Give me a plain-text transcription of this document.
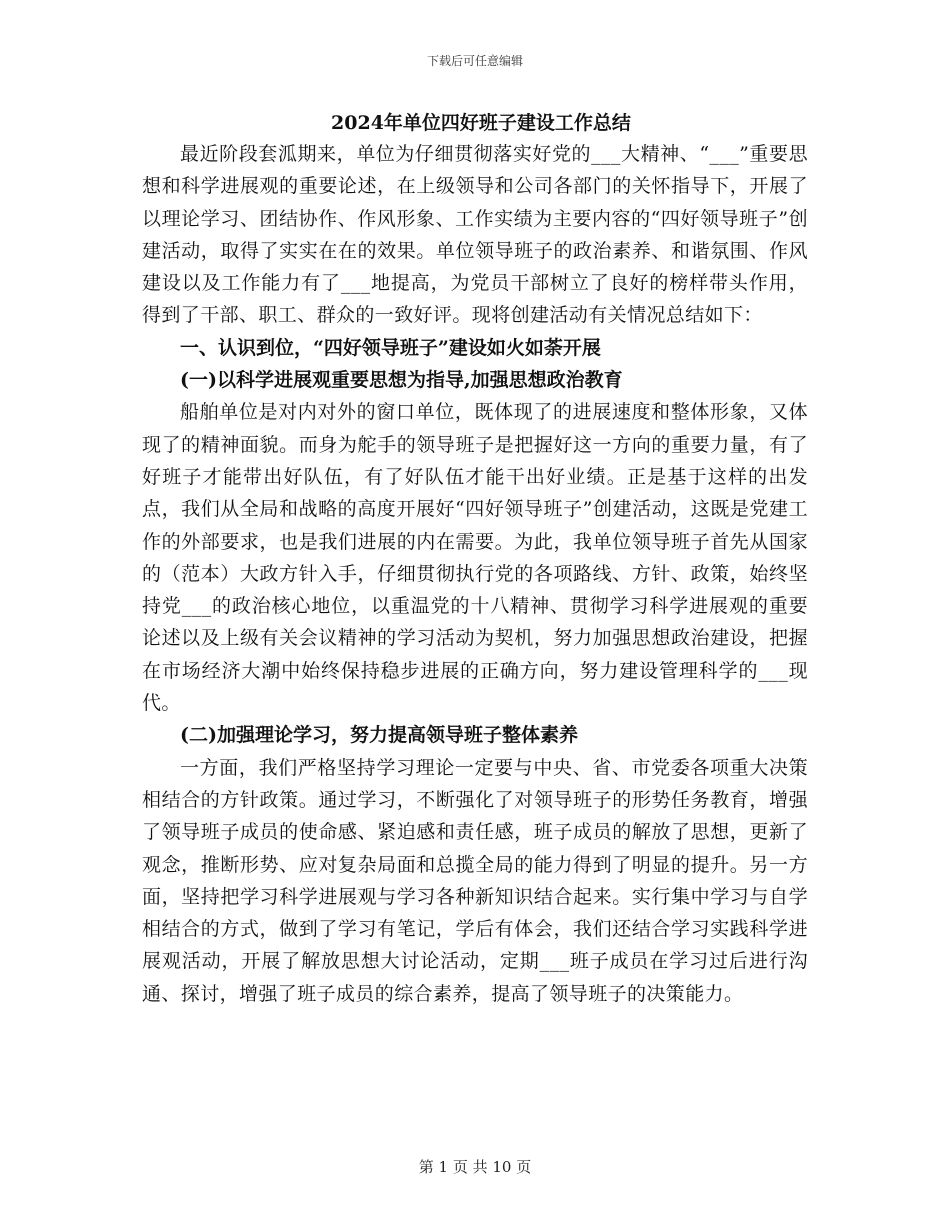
下载后可任意编辑
2024年单位四好班子建设工作总结

最近阶段套泒期来，单位为仔细贯彻落实好党的___大精神、“___”重要思想和科学进展观的重要论述，在上级领导和公司各部门的关怀指导下，开展了以理论学习、团结协作、作风形象、工作实绩为主要内容的“四好领导班子”创建活动，取得了实实在在的效果。单位领导班子的政治素养、和谐氛围、作风建设以及工作能力有了___地提高，为党员干部树立了良好的榜样带头作用，得到了干部、职工、群众的一致好评。现将创建活动有关情况总结如下：

一、认识到位，“四好领导班子”建设如火如荼开展

(一)以科学进展观重要思想为指导,加强思想政治教育

船舶单位是对内对外的窗口单位，既体现了的进展速度和整体形象，又体现了的精神面貌。而身为舵手的领导班子是把握好这一方向的重要力量，有了好班子才能带出好队伍，有了好队伍才能干出好业绩。正是基于这样的出发点，我们从全局和战略的高度开展好“四好领导班子”创建活动，这既是党建工作的外部要求，也是我们进展的内在需要。为此，我单位领导班子首先从国家的（范本）大政方针入手，仔细贯彻执行党的各项路线、方针、政策，始终坚持党___的政治核心地位，以重温党的十八精神、贯彻学习科学进展观的重要论述以及上级有关会议精神的学习活动为契机，努力加强思想政治建设，把握在市场经济大潮中始终保持稳步进展的正确方向，努力建设管理科学的___现代。

(二)加强理论学习，努力提高领导班子整体素养

一方面，我们严格坚持学习理论一定要与中央、省、市党委各项重大决策相结合的方针政策。通过学习，不断强化了对领导班子的形势任务教育，增强了领导班子成员的使命感、紧迫感和责任感，班子成员的解放了思想，更新了观念，推断形势、应对复杂局面和总揽全局的能力得到了明显的提升。另一方面，坚持把学习科学进展观与学习各种新知识结合起来。实行集中学习与自学相结合的方式，做到了学习有笔记，学后有体会，我们还结合学习实践科学进展观活动，开展了解放思想大讨论活动，定期___班子成员在学习过后进行沟通、探讨，增强了班子成员的综合素养，提高了领导班子的决策能力。

第 1 页 共 10 页
